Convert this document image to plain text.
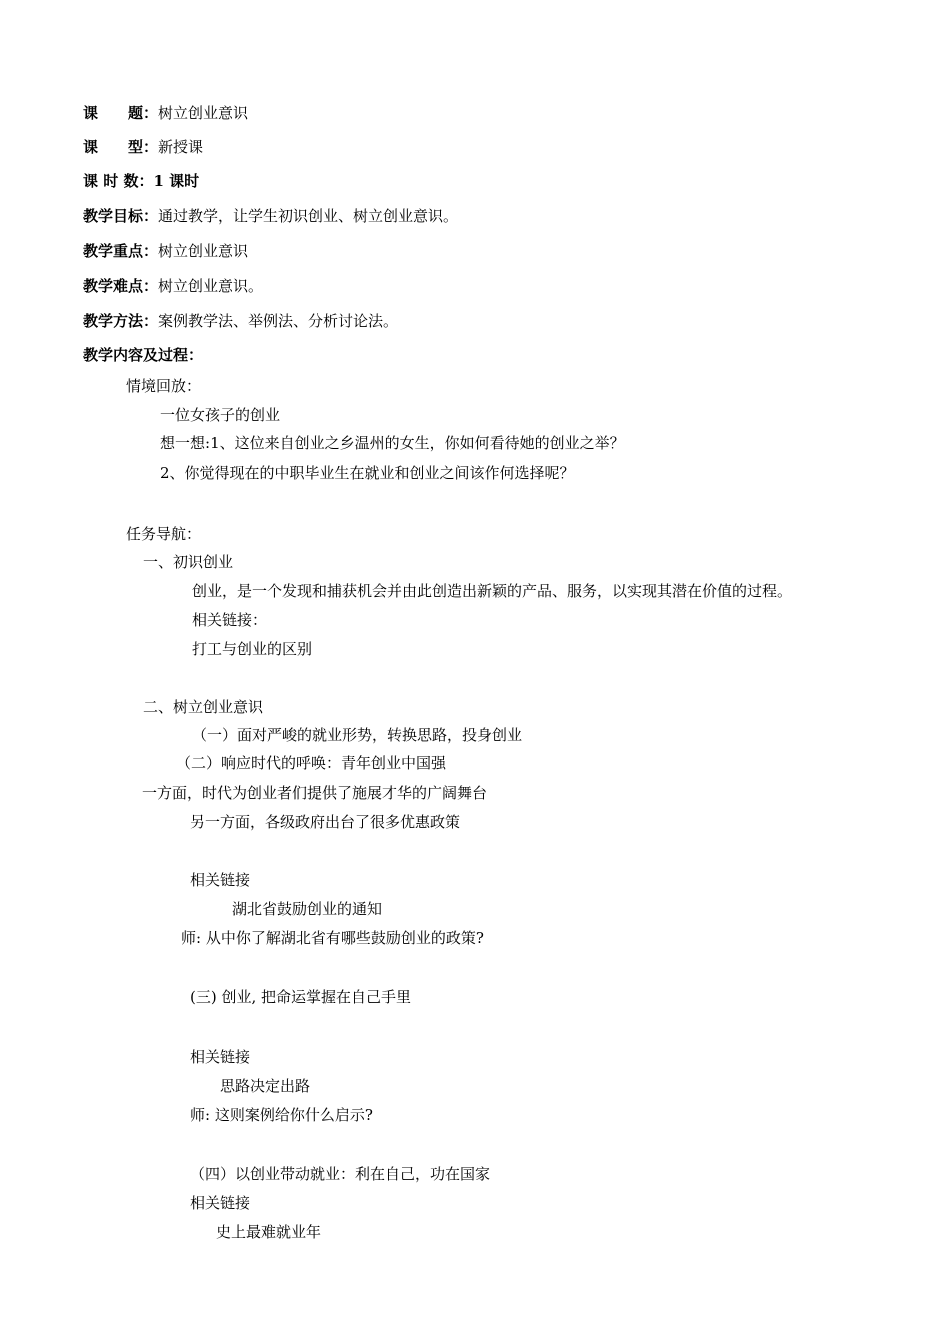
课　　题：树立创业意识
课　　型：新授课
课 时 数：1 课时
教学目标：通过教学，让学生初识创业、树立创业意识。
教学重点：树立创业意识
教学难点：树立创业意识。
教学方法：案例教学法、举例法、分析讨论法。
教学内容及过程：
情境回放：
一位女孩子的创业
想一想:1、这位来自创业之乡温州的女生，你如何看待她的创业之举？
2、你觉得现在的中职毕业生在就业和创业之间该作何选择呢？
任务导航：
一、初识创业
创业，是一个发现和捕获机会并由此创造出新颖的产品、服务，以实现其潜在价值的过程。
相关链接：
打工与创业的区别
二、树立创业意识
（一）面对严峻的就业形势，转换思路，投身创业
（二）响应时代的呼唤：青年创业中国强
一方面，时代为创业者们提供了施展才华的广阔舞台
另一方面，各级政府出台了很多优惠政策
相关链接
湖北省鼓励创业的通知
师: 从中你了解湖北省有哪些鼓励创业的政策?
(三) 创业, 把命运掌握在自己手里
相关链接
思路决定出路
师: 这则案例给你什么启示?
（四）以创业带动就业：利在自己，功在国家
相关链接
史上最难就业年
